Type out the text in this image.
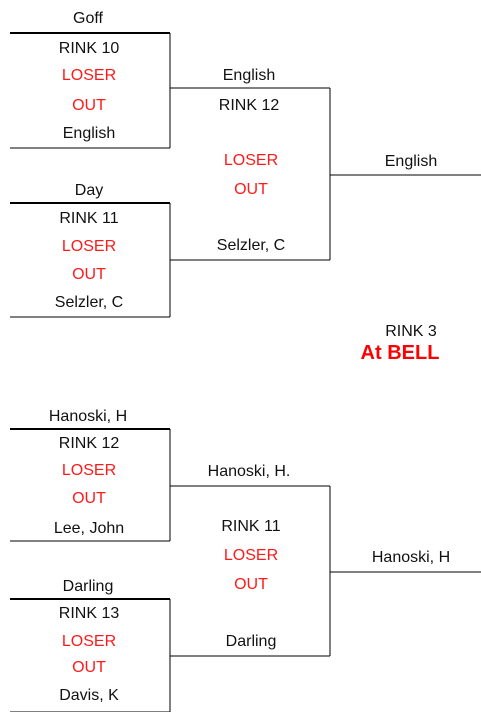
Goff
RINK 10
LOSER
OUT
English
Day
RINK 11
LOSER
OUT
Selzler, C
English
RINK 12
LOSER
OUT
Selzler, C
English
RINK 3
At BELL
Hanoski, H
RINK 12
LOSER
OUT
Lee, John
Darling
RINK 13
LOSER
OUT
Davis, K
Hanoski, H.
RINK 11
LOSER
OUT
Darling
Hanoski, H
